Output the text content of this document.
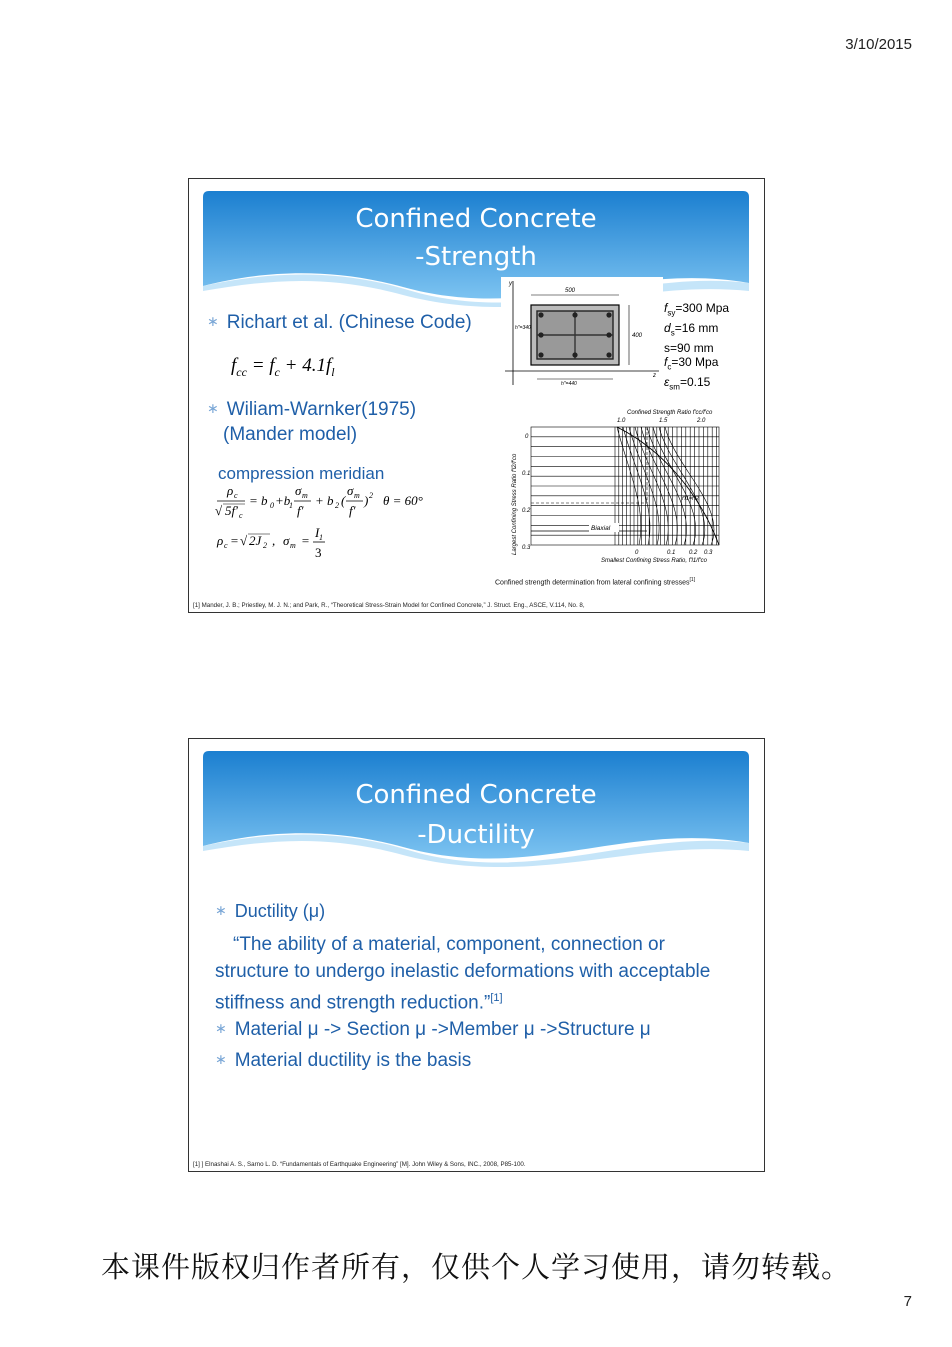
3/10/2015
Confined Concrete
-Strength
∗ Richart et al. (Chinese Code)
$f_{cc} = f_c + 4.1f_l$
∗ Wiliam-Warnker(1975)
(Mander model)
compression meridian
ρ c
√ 5f′ c
= b 0 +b
1
σ m
f′
+ b 2 (
σ m
f′
) 2 θ = 60°
ρ c = √ 2J 2 , σ m =
I 1
3
y
z
500
400
h″=340
h″=440
$f_{sy}=300$ Mpa
$d_s=16$ mm
s=90 mm
$f_c=30$ Mpa
$\varepsilon_{sm}=0.15$
Confined Strength Ratio f′cc/f′co
1.0	1.5	2.0
Largest Confining Stress Ratio f′l2/f′co
0
0.1
0.2
0.3
0	0.1 0.2 0.3
Smallest Confining Stress Ratio, f′l1/f′co
Biaxial
f′l1=f′l2
Confined strength determination from lateral confining stresses[1]
[1] Mander, J. B.; Priestley, M. J. N.; and Park, R., “Theoretical Stress-Strain Model for Confined Concrete,” J. Struct. Eng., ASCE, V.114, No. 8,
Confined Concrete
-Ductility
∗ Ductility (μ)
“The ability of a material, component, connection or structure to undergo inelastic deformations with acceptable stiffness and strength reduction.”[1]
∗ Material μ -> Section μ ->Member μ ->Structure μ
∗ Material ductility is the basis
[1] ] Elnashai A. S., Sarno L. D. “Fundamentals of Earthquake Engineering” [M]. John Wiley & Sons, INC., 2008, P85-100.
本课件版权归作者所有，仅供个人学习使用，请勿转载。
7
